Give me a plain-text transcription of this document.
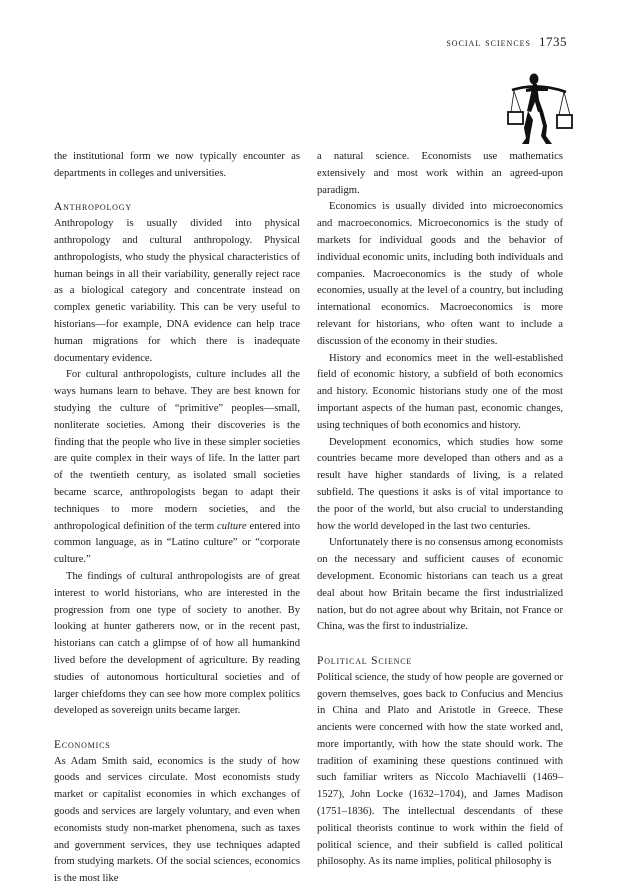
social sciences 1735

the institutional form we now typically encounter as departments in colleges and universities.

Anthropology

Anthropology is usually divided into physical anthropology and cultural anthropology. Physical anthropologists, who study the physical characteristics of human beings in all their variability, generally reject race as a biological category and concentrate instead on complex genetic variability. This can be very useful to historians—for example, DNA evidence can help trace human migrations for which there is inadequate documentary evidence.

For cultural anthropologists, culture includes all the ways humans learn to behave. They are best known for studying the culture of “primitive” peoples—small, nonliterate societies. Among their discoveries is the finding that the people who live in these simpler societies are quite complex in their ways of life. In the latter part of the twentieth century, as isolated small societies became scarce, anthropologists began to adapt their techniques to more modern societies, and the anthropological definition of the term culture entered into common language, as in “Latino culture” or “corporate culture.”

The findings of cultural anthropologists are of great interest to world historians, who are interested in the progression from one type of society to another. By looking at hunter gatherers now, or in the recent past, historians can catch a glimpse of of how all humankind lived before the development of agriculture. By reading studies of autonomous horticultural societies and of larger chiefdoms they can see how more complex politics developed as sovereign units became larger.

Economics

As Adam Smith said, economics is the study of how goods and services circulate. Most economists study market or capitalist economies in which exchanges of goods and services are largely voluntary, and even when economists study non-market phenomena, such as taxes and government services, they use techniques adapted from studying markets. Of the social sciences, economics is the most like

a natural science. Economists use mathematics extensively and most work within an agreed-upon paradigm.

Economics is usually divided into microeconomics and macroeconomics. Microeconomics is the study of markets for individual goods and the behavior of individual economic units, including both individuals and companies. Macroeconomics is the study of whole economies, usually at the level of a country, but including international economics. Macroeconomics is more relevant for historians, who often want to include a discussion of the economy in their studies.

History and economics meet in the well-established field of economic history, a subfield of both economics and history. Economic historians study one of the most important aspects of the human past, economic changes, using techniques of both economics and history.

Development economics, which studies how some countries became more developed than others and as a result have higher standards of living, is a related subfield. The questions it asks is of vital importance to the poor of the world, but also crucial to understanding how the world developed in the last two centuries.

Unfortunately there is no consensus among economists on the necessary and sufficient causes of economic development. Economic historians can teach us a great deal about how Britain became the first industrialized nation, but do not agree about why Britain, not France or China, was the first to industrialize.

Political Science

Political science, the study of how people are governed or govern themselves, goes back to Confucius and Mencius in China and Plato and Aristotle in Greece. These ancients were concerned with how the state worked and, more importantly, with how the state should work. The tradition of examining these questions continued with such familiar writers as Niccolo Machiavelli (1469–1527), John Locke (1632–1704), and James Madison (1751–1836). The intellectual descendants of these political theorists continue to work within the field of political science, and their subfield is called political philosophy. As its name implies, political philosophy is
